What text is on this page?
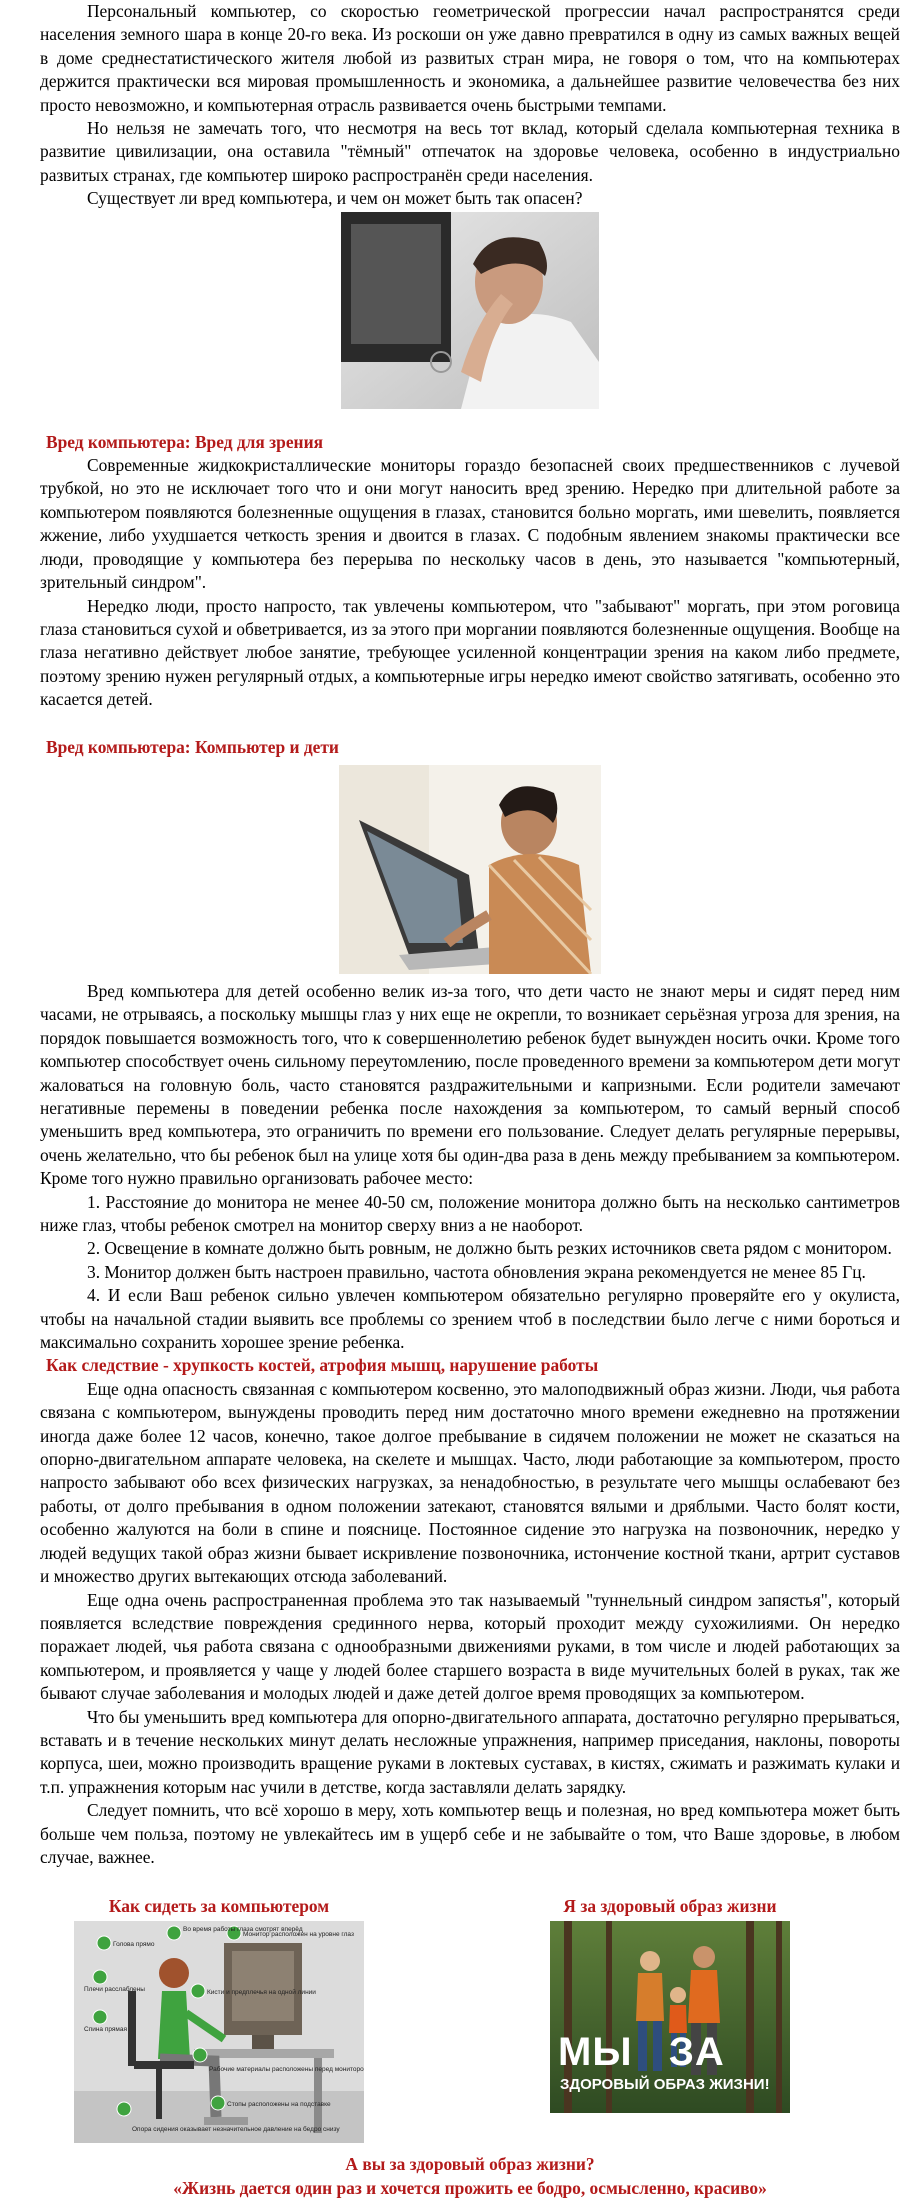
Персональный компьютер, со скоростью геометрической прогрессии начал распространятся среди населения земного шара в конце 20-го века. Из роскоши он уже давно превратился в одну из самых важных вещей в доме среднестатистического жителя любой из развитых стран мира, не говоря о том, что на компьютерах держится практически вся мировая промышленность и экономика, а дальнейшее развитие человечества без них просто невозможно, и компьютерная отрасль развивается очень быстрыми темпами.

Но нельзя не замечать того, что несмотря на весь тот вклад, который сделала компьютерная техника в развитие цивилизации, она оставила "тёмный" отпечаток на здоровье человека, особенно в индустриально развитых странах, где компьютер широко распространён среди населения.

Существует ли вред компьютера, и чем он может быть так опасен?

Вред компьютера: Вред для зрения

Современные жидкокристаллические мониторы гораздо безопасней своих предшественников с лучевой трубкой, но это не исключает того что и они могут наносить вред зрению. Нередко при длительной работе за компьютером появляются болезненные ощущения в глазах, становится больно моргать, ими шевелить, появляется жжение, либо ухудшается четкость зрения и двоится в глазах. С подобным явлением знакомы практически все люди, проводящие у компьютера без перерыва по нескольку часов в день, это называется "компьютерный, зрительный синдром".

Нередко люди, просто напросто, так увлечены компьютером, что "забывают" моргать, при этом роговица глаза становиться сухой и обветривается, из за этого при моргании появляются болезненные ощущения. Вообще на глаза негативно действует любое занятие, требующее усиленной концентрации зрения на каком либо предмете, поэтому зрению нужен регулярный отдых, а компьютерные игры нередко имеют свойство затягивать, особенно это касается детей.

Вред компьютера: Компьютер и дети

Вред компьютера для детей особенно велик из-за того, что дети часто не знают меры и сидят перед ним часами, не отрываясь, а поскольку мышцы глаз у них еще не окрепли, то возникает серьёзная угроза для зрения, на порядок повышается возможность того, что к совершеннолетию ребенок будет вынужден носить очки. Кроме того компьютер способствует очень сильному переутомлению, после проведенного времени за компьютером дети могут жаловаться на головную боль, часто становятся раздражительными и капризными. Если родители замечают негативные перемены в поведении ребенка после нахождения за компьютером, то самый верный способ уменьшить вред компьютера, это ограничить по времени его пользование. Следует делать регулярные перерывы, очень желательно, что бы ребенок был на улице хотя бы один-два раза в день между пребыванием за компьютером. Кроме того нужно правильно организовать рабочее место:

1. Расстояние до монитора не менее 40-50 см, положение монитора должно быть на несколько сантиметров ниже глаз, чтобы ребенок смотрел на монитор сверху вниз а не наоборот.

2. Освещение в комнате должно быть ровным, не должно быть резких источников света рядом с монитором.

3. Монитор должен быть настроен правильно, частота обновления экрана рекомендуется не менее 85 Гц.

4. И если Ваш ребенок сильно увлечен компьютером обязательно регулярно проверяйте его у окулиста, чтобы на начальной стадии выявить все проблемы со зрением чтоб в последствии было легче с ними бороться и максимально сохранить хорошее зрение ребенка.

Как следствие - хрупкость костей, атрофия мышц, нарушение работы

Еще одна опасность связанная с компьютером косвенно, это малоподвижный образ жизни. Люди, чья работа связана с компьютером, вынуждены проводить перед ним достаточно много времени ежедневно на протяжении иногда даже более 12 часов, конечно, такое долгое пребывание в сидячем положении не может не сказаться на опорно-двигательном аппарате человека, на скелете и мышцах. Часто, люди работающие за компьютером, просто напросто забывают обо всех физических нагрузках, за ненадобностью, в результате чего мышцы ослабевают без работы, от долго пребывания в одном положении затекают, становятся вялыми и дряблыми. Часто болят кости, особенно жалуются на боли в спине и пояснице. Постоянное сидение это нагрузка на позвоночник, нередко у людей ведущих такой образ жизни бывает искривление позвоночника, истончение костной ткани, артрит суставов и множество других вытекающих отсюда заболеваний.

Еще одна очень распространенная проблема это так называемый "туннельный синдром запястья", который появляется вследствие повреждения срединного нерва, который проходит между сухожилиями. Он нередко поражает людей, чья работа связана с однообразными движениями руками, в том числе и людей работающих за компьютером, и проявляется у чаще у людей более старшего возраста в виде мучительных болей в руках, так же бывают случае заболевания и молодых людей и даже детей долгое время проводящих за компьютером.

Что бы уменьшить вред компьютера для опорно-двигательного аппарата, достаточно регулярно прерываться, вставать и в течение нескольких минут делать несложные упражнения, например приседания, наклоны, повороты корпуса, шеи, можно производить вращение руками в локтевых суставах, в кистях, сжимать и разжимать кулаки и т.п. упражнения которым нас учили в детстве, когда заставляли делать зарядку.

Следует помнить, что всё хорошо в меру, хоть компьютер вещь и полезная, но вред компьютера может быть больше чем польза, поэтому не увлекайтесь им в ущерб себе и не забывайте о том, что Ваше здоровье, в любом случае, важнее.

Как сидеть за компьютером

Голова прямо
Во время работы глаза смотрят вперёд
Монитор расположен на уровне глаз
Плечи расслаблены	Кисти и предплечья на одной линии
Спина прямая
Рабочие материалы расположены перед монитором
Стопы расположены на подставке
Опора сидения оказывает незначительное давление на бедро снизу

Я за здоровый образ жизни

МЫ   ЗА
ЗДОРОВЫЙ ОБРАЗ ЖИЗНИ!

А вы за здоровый образ жизни?

«Жизнь дается один раз и хочется прожить ее бодро, осмысленно, красиво»
